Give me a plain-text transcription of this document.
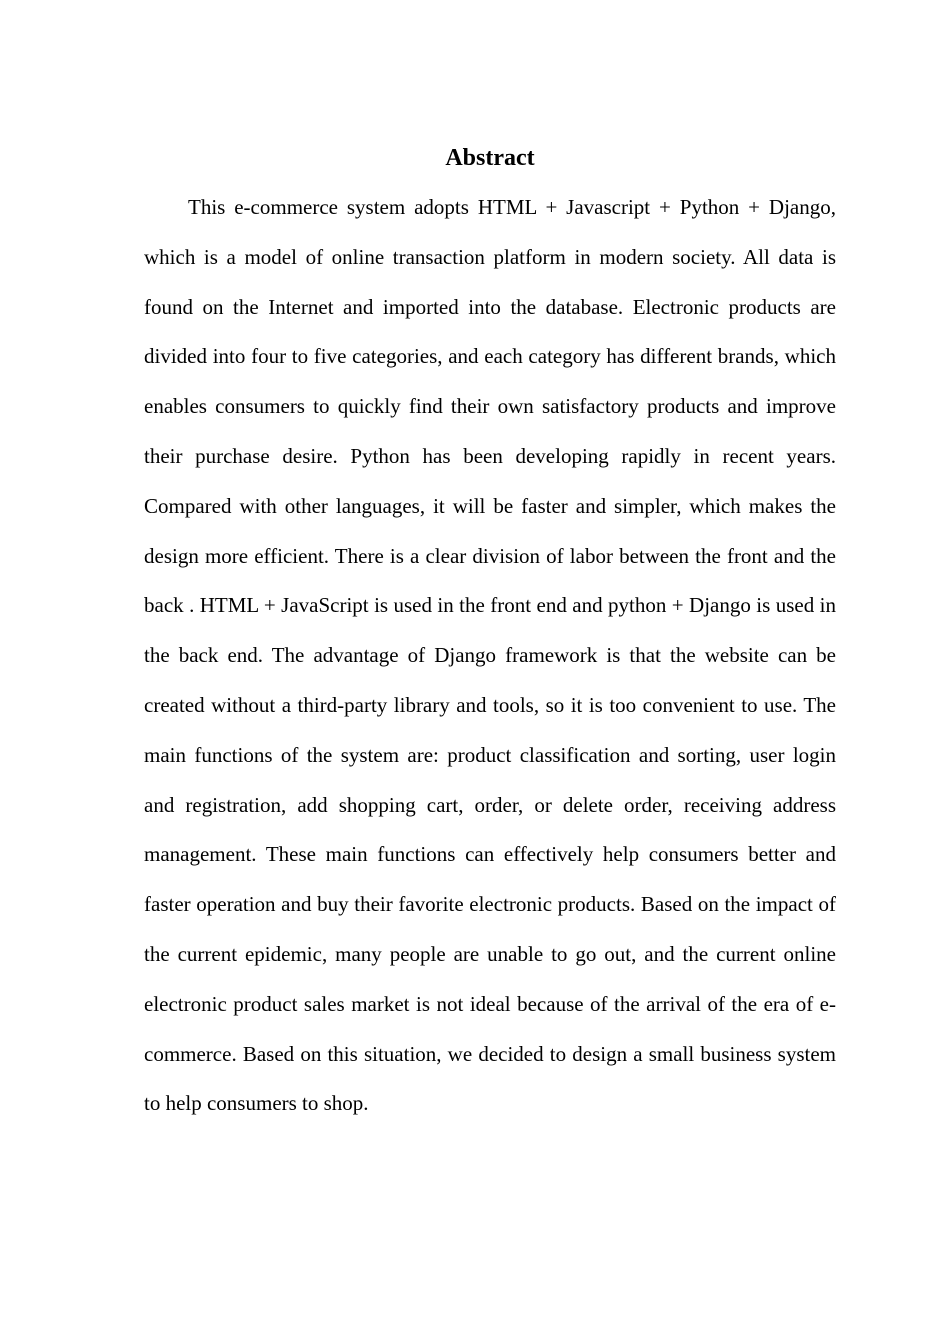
Abstract

This e-commerce system adopts HTML + Javascript + Python + Django, which is a model of online transaction platform in modern society. All data is found on the Internet and imported into the database. Electronic products are divided into four to five categories, and each category has different brands, which enables consumers to quickly find their own satisfactory products and improve their purchase desire. Python has been developing rapidly in recent years. Compared with other languages, it will be faster and simpler, which makes the design more efficient. There is a clear division of labor between the front and the back . HTML + JavaScript is used in the front end and python + Django is used in the back end. The advantage of Django framework is that the website can be created without a third-party library and tools, so it is too convenient to use. The main functions of the system are: product classification and sorting, user login and registration, add shopping cart, order, or delete order, receiving address management. These main functions can effectively help consumers better and faster operation and buy their favorite electronic products. Based on the impact of the current epidemic, many people are unable to go out, and the current online electronic product sales market is not ideal because of the arrival of the era of e-commerce. Based on this situation, we decided to design a small business system to help consumers to shop.
